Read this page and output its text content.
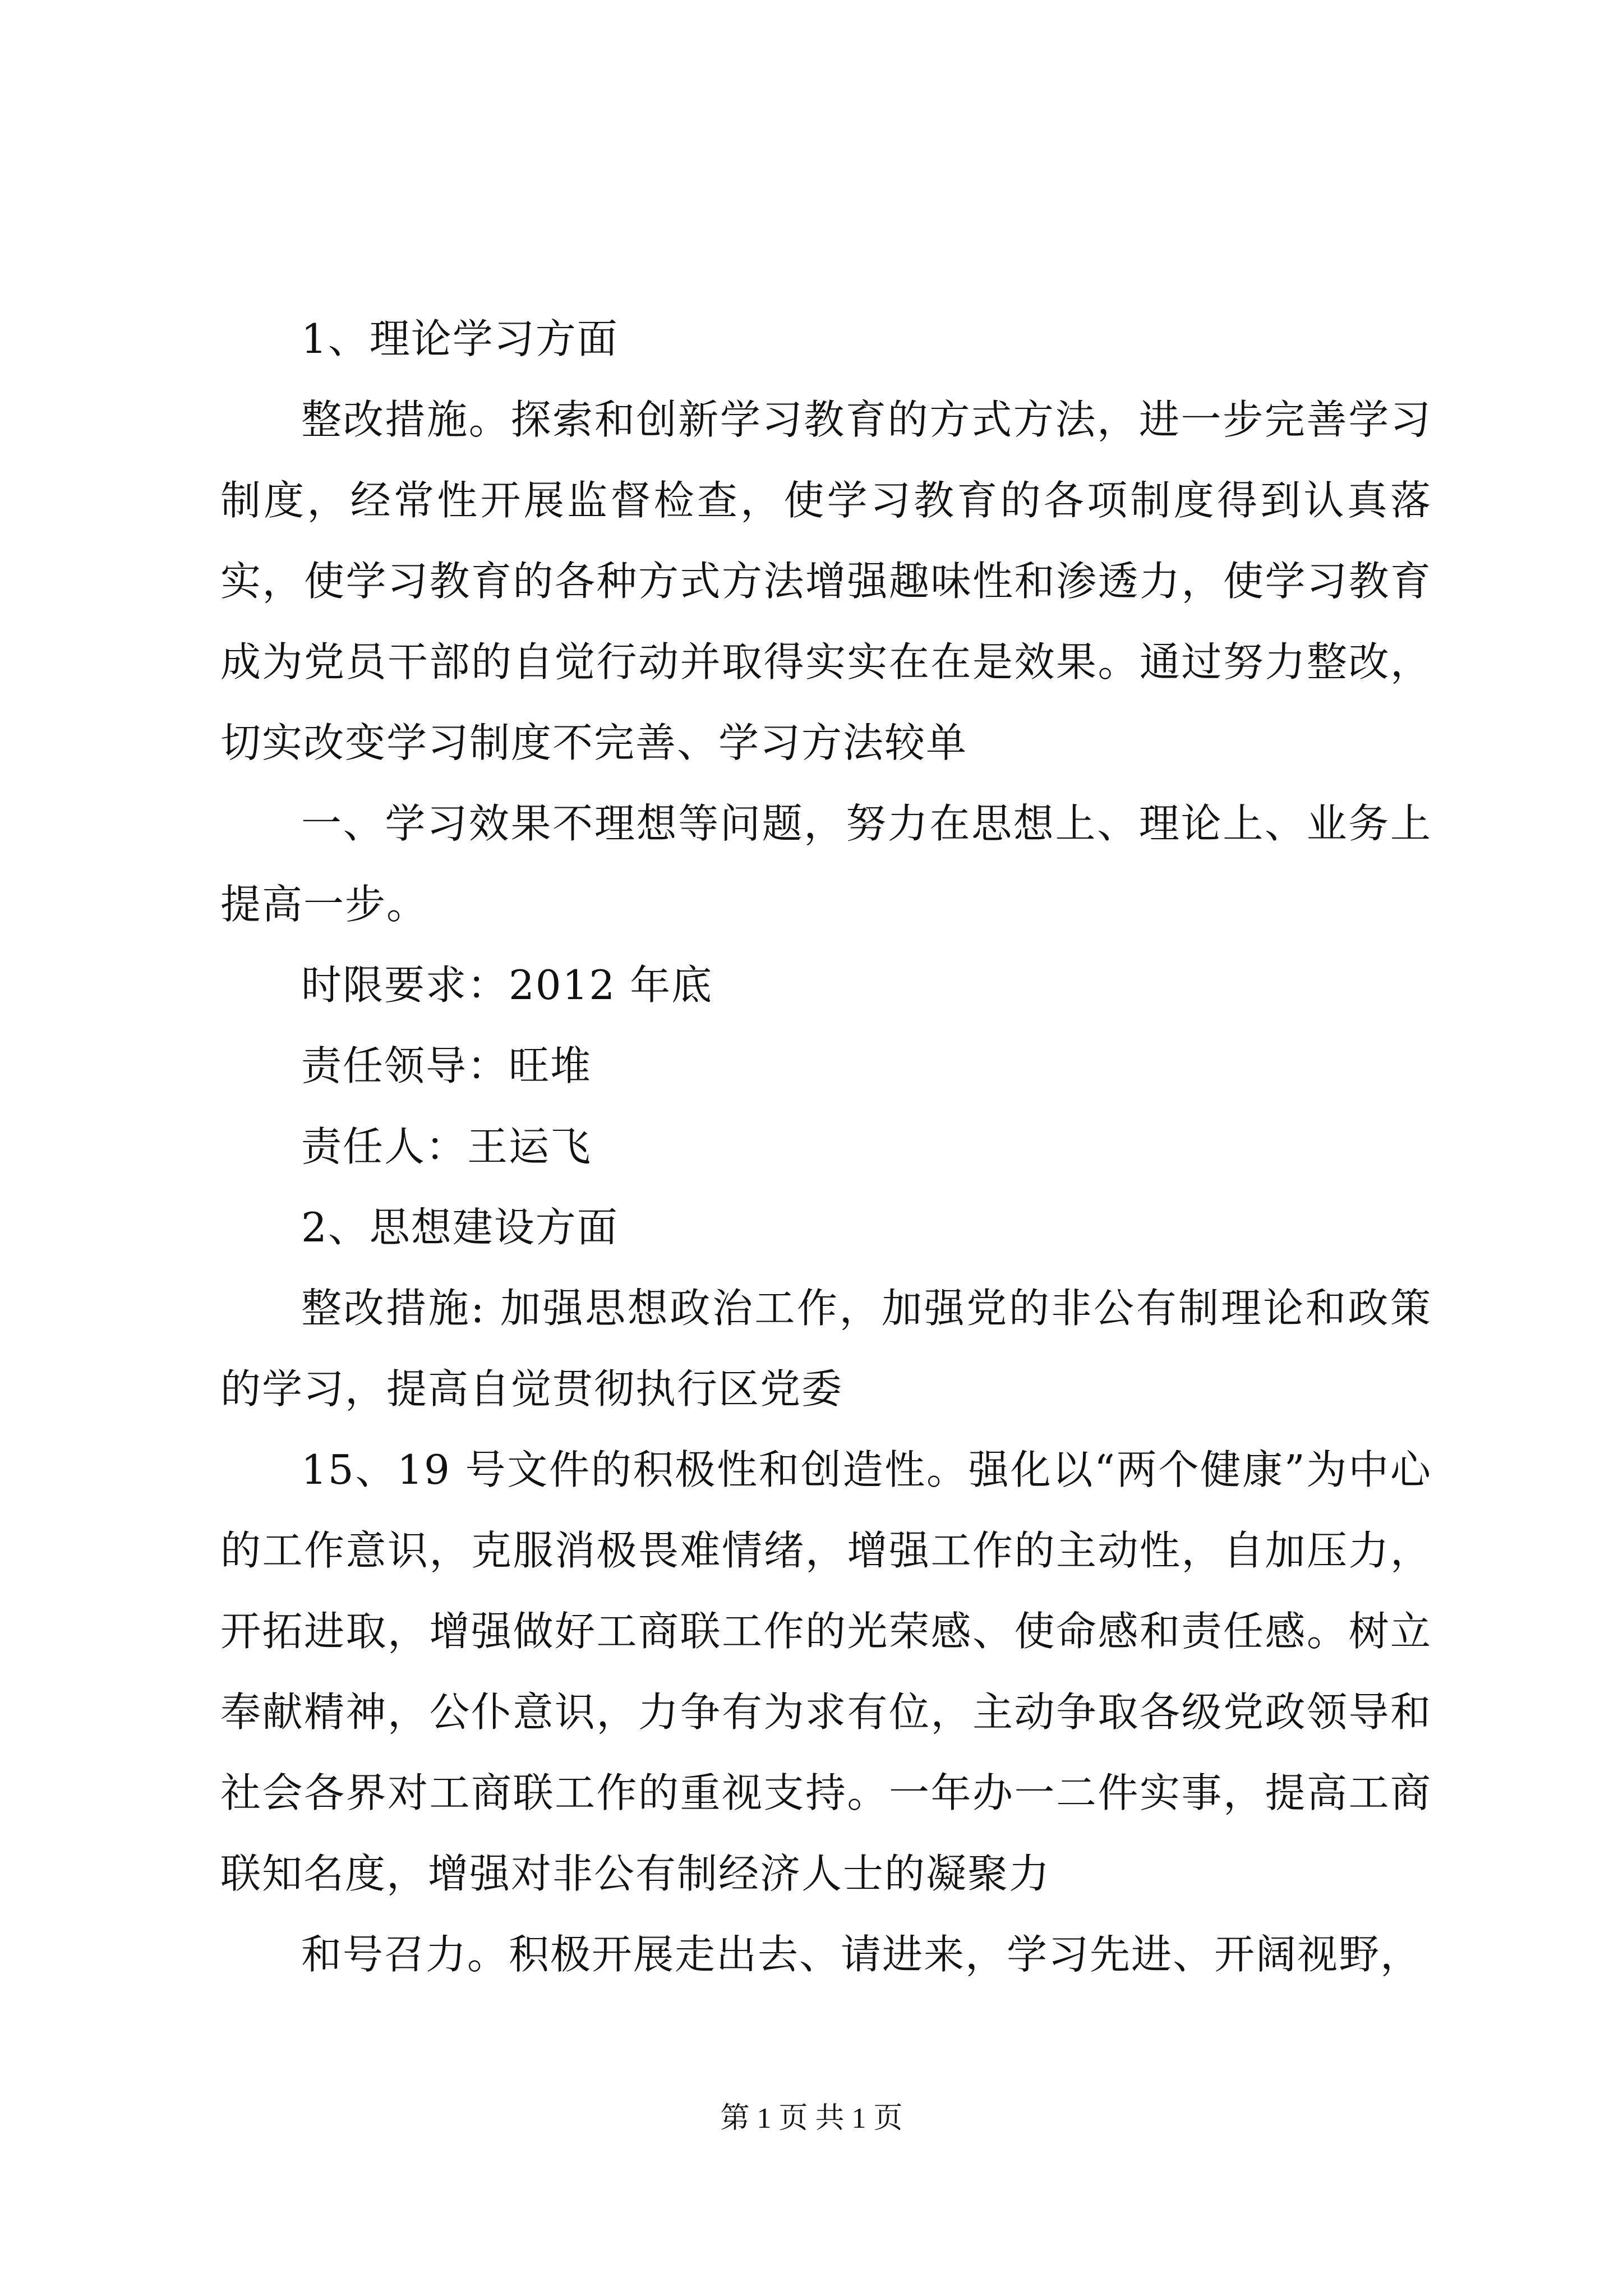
1、理论学习方面

整改措施。探索和创新学习教育的方式方法，进一步完善学习制度，经常性开展监督检查，使学习教育的各项制度得到认真落实，使学习教育的各种方式方法增强趣味性和渗透力，使学习教育成为党员干部的自觉行动并取得实实在在是效果。通过努力整改，切实改变学习制度不完善、学习方法较单

一、学习效果不理想等问题，努力在思想上、理论上、业务上提高一步。

时限要求：2012 年底

责任领导：旺堆

责任人：王运飞

2、思想建设方面

整改措施: 加强思想政治工作，加强党的非公有制理论和政策的学习，提高自觉贯彻执行区党委

15、19 号文件的积极性和创造性。强化以“两个健康”为中心的工作意识，克服消极畏难情绪，增强工作的主动性，自加压力，开拓进取，增强做好工商联工作的光荣感、使命感和责任感。树立奉献精神，公仆意识，力争有为求有位，主动争取各级党政领导和社会各界对工商联工作的重视支持。一年办一二件实事，提高工商联知名度，增强对非公有制经济人士的凝聚力

和号召力。积极开展走出去、请进来，学习先进、开阔视野，

第 1 页 共 1 页
